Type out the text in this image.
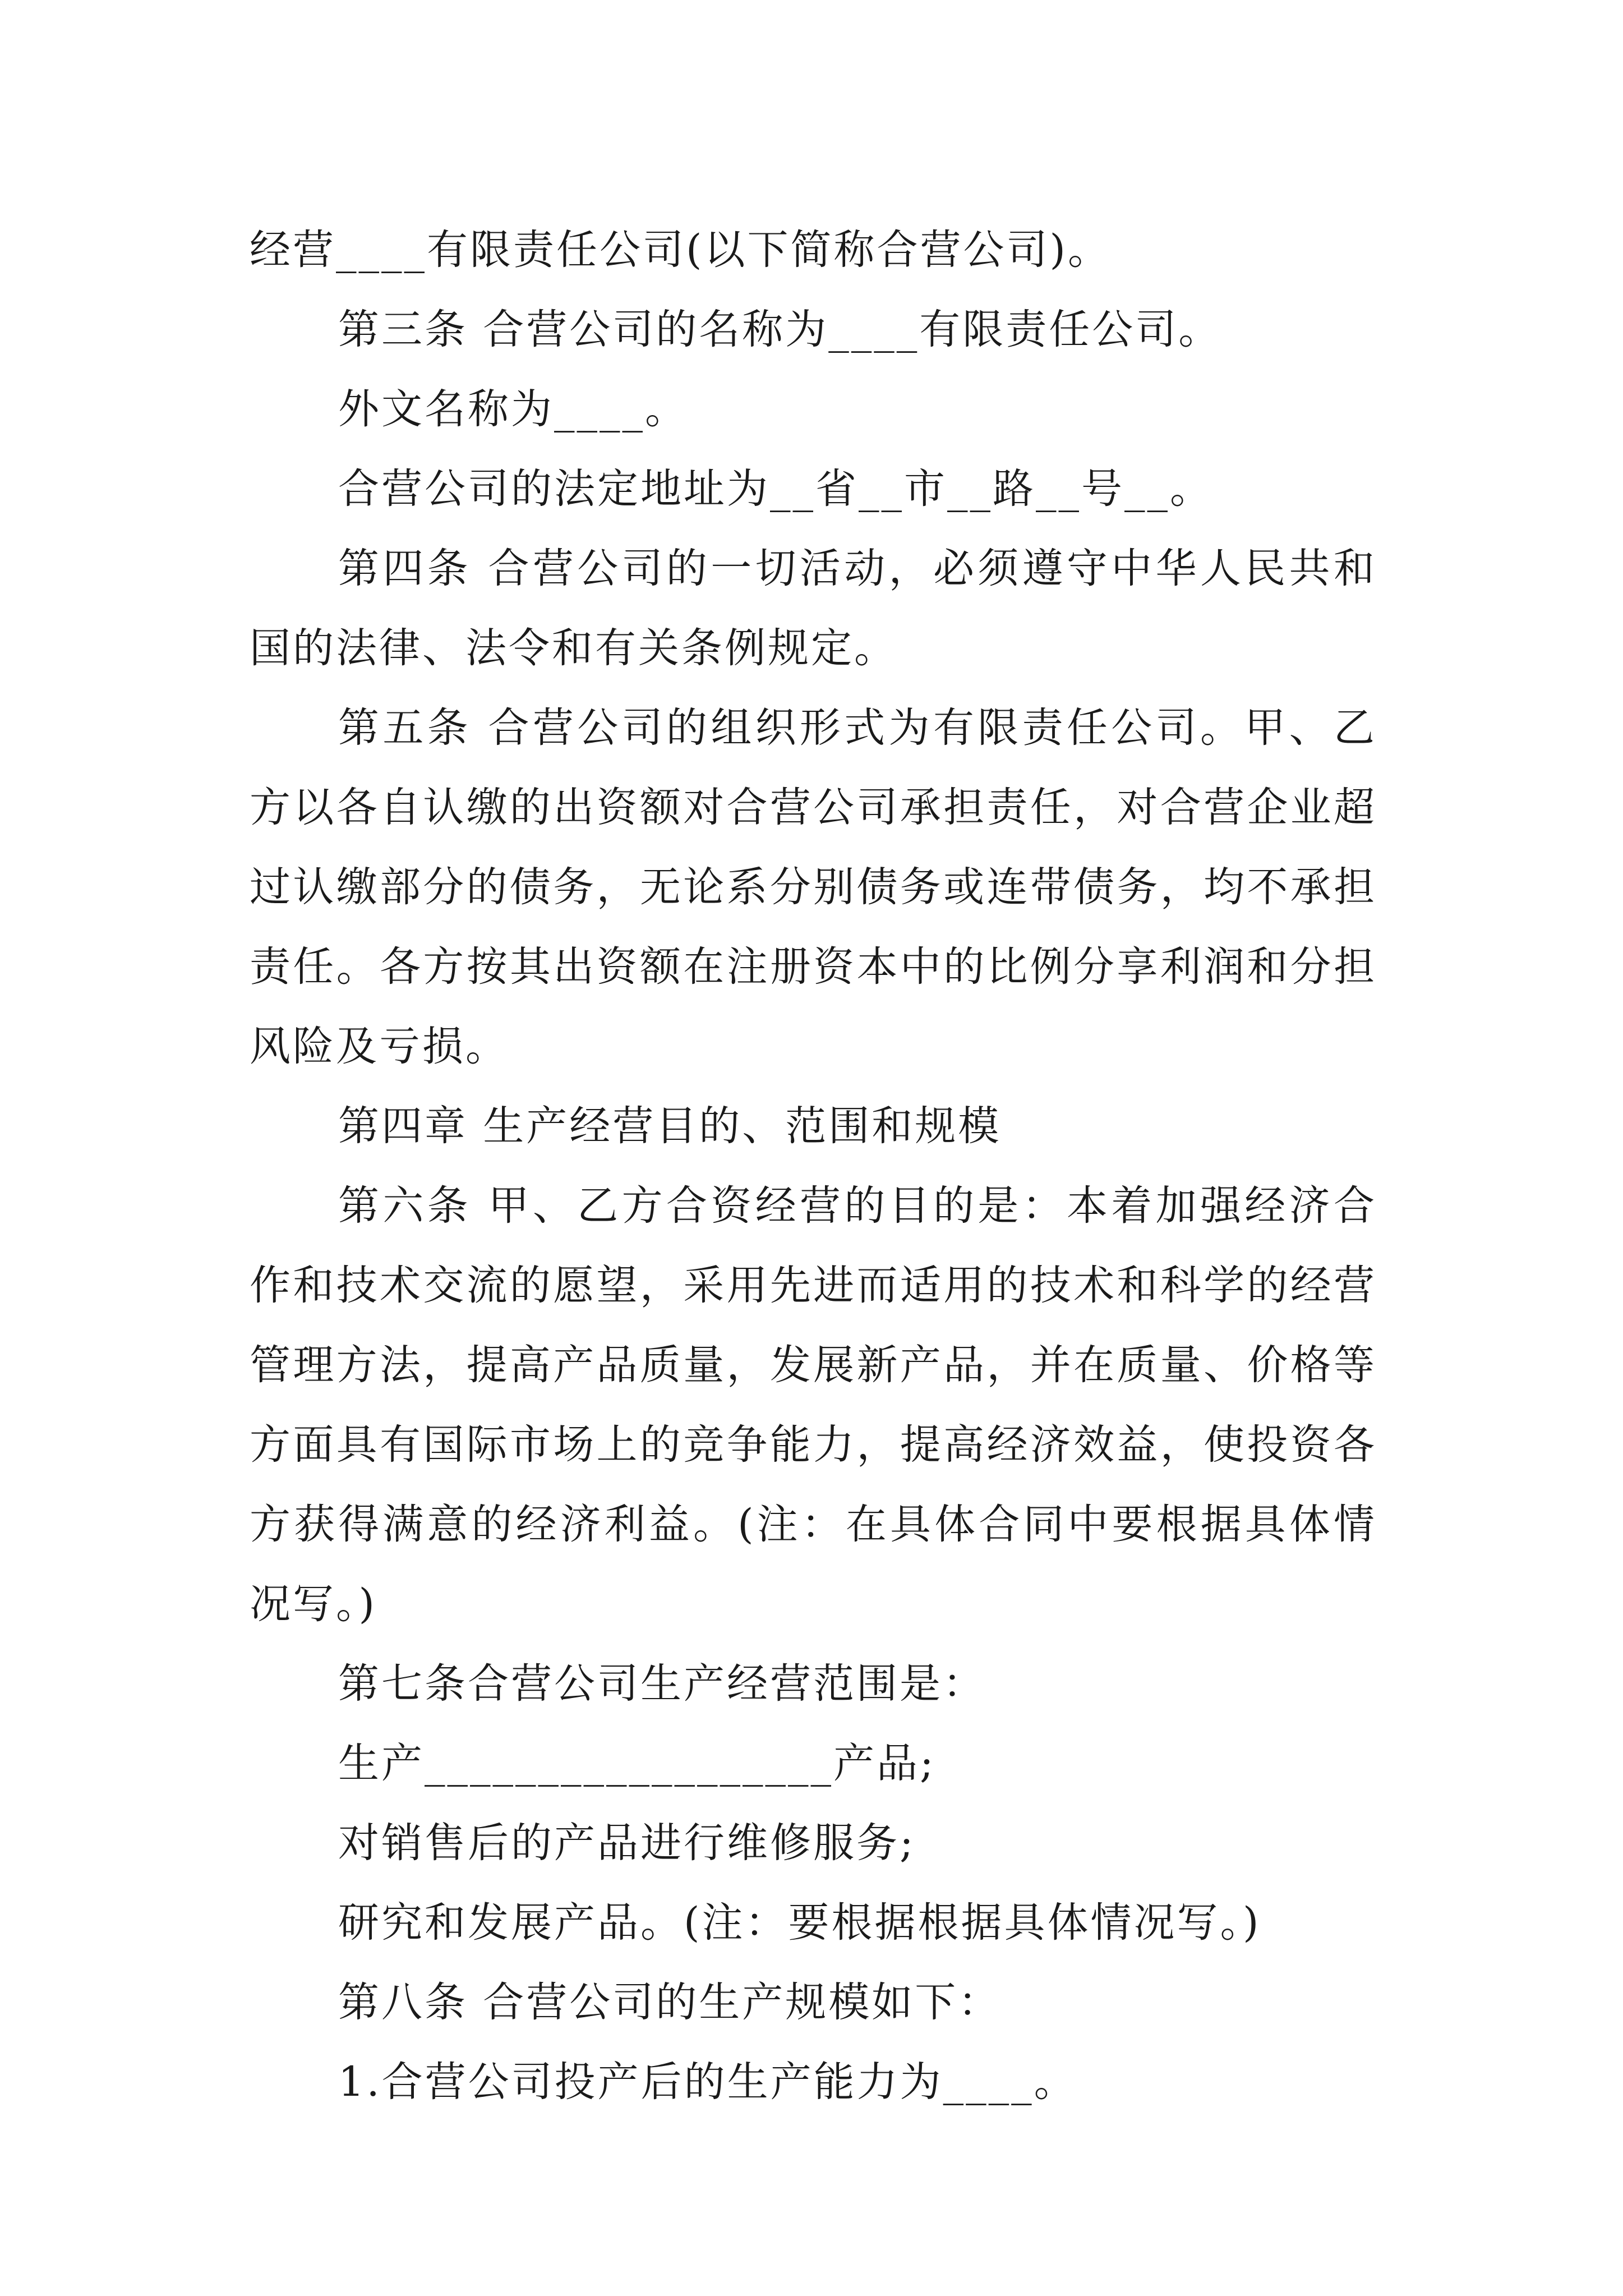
经营____有限责任公司(以下简称合营公司)。

第三条 合营公司的名称为____有限责任公司。

外文名称为____。

合营公司的法定地址为__省__市__路__号__。

第四条 合营公司的一切活动，必须遵守中华人民共和国的法律、法令和有关条例规定。

第五条 合营公司的组织形式为有限责任公司。甲、乙方以各自认缴的出资额对合营公司承担责任，对合营企业超过认缴部分的债务，无论系分别债务或连带债务，均不承担责任。各方按其出资额在注册资本中的比例分享利润和分担风险及亏损。

第四章 生产经营目的、范围和规模

第六条 甲、乙方合资经营的目的是：本着加强经济合作和技术交流的愿望，采用先进而适用的技术和科学的经营管理方法，提高产品质量，发展新产品，并在质量、价格等方面具有国际市场上的竞争能力，提高经济效益，使投资各方获得满意的经济利益。(注：在具体合同中要根据具体情况写。)

第七条合营公司生产经营范围是：

生产__________________产品;

对销售后的产品进行维修服务;

研究和发展产品。(注：要根据根据具体情况写。)

第八条 合营公司的生产规模如下：

1.合营公司投产后的生产能力为____。
